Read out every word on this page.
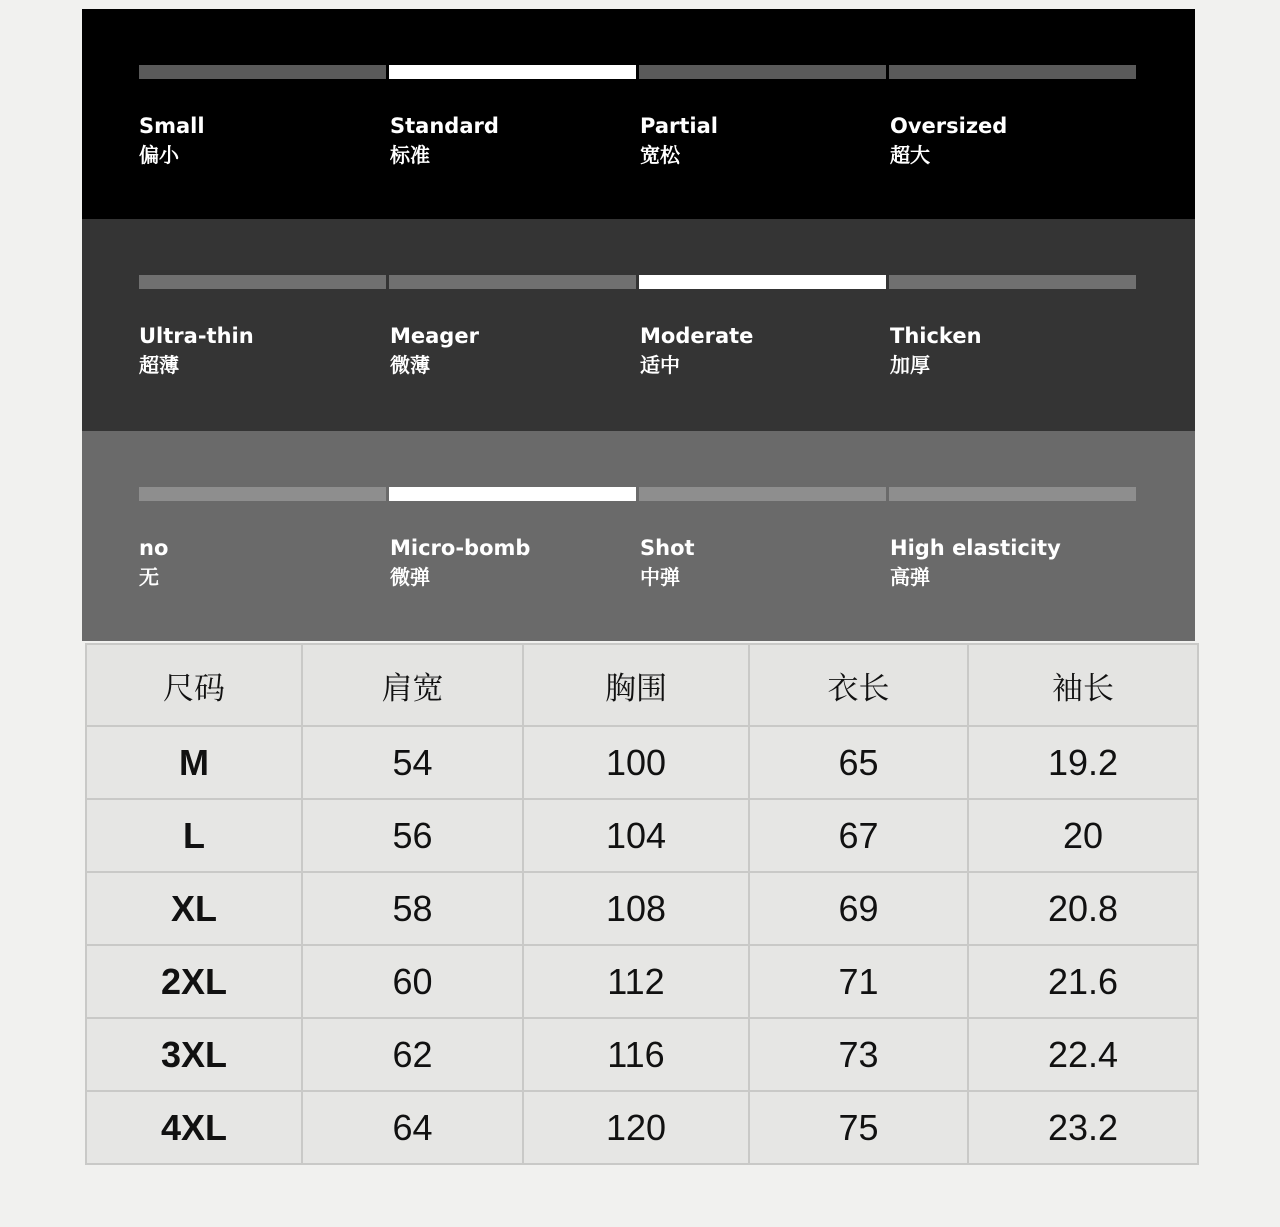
Small
偏小
Standard
标准
Partial
宽松
Oversized
超大
Ultra-thin
超薄
Meager
微薄
Moderate
适中
Thicken
加厚
no
无
Micro-bomb
微弹
Shot
中弹
High elasticity
高弹
尺码	肩宽	胸围	衣长	袖长
M	54	100	65	19.2
L	56	104	67	20
XL	58	108	69	20.8
2XL	60	112	71	21.6
3XL	62	116	73	22.4
4XL	64	120	75	23.2
